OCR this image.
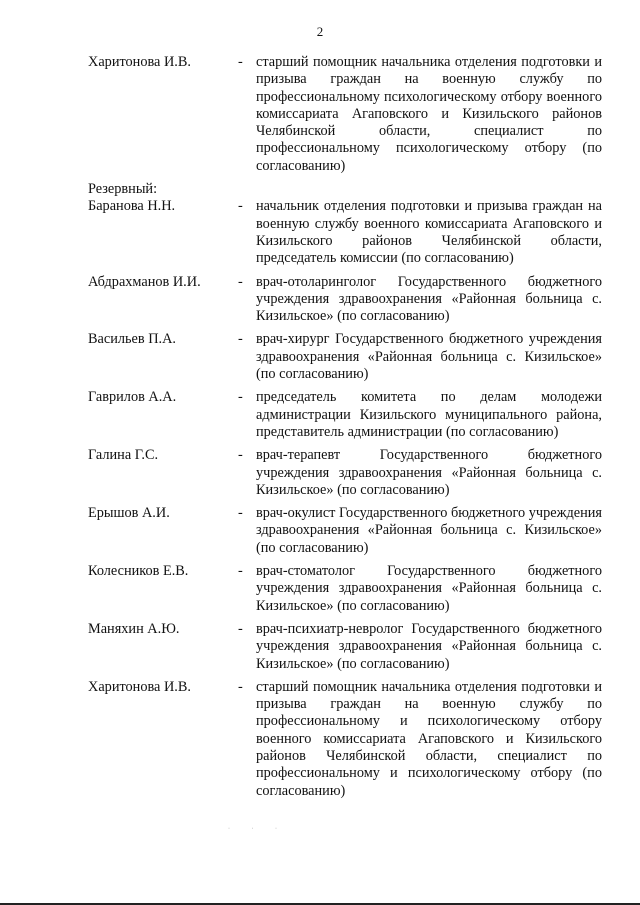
2
Харитонова И.В.	- старший помощник начальника отделения подготовки и призыва граждан на военную службу по профессиональному психологическому отбору военного комиссариата Агаповского и Кизильского районов Челябинской области, специалист по профессиональному психологическому отбору (по согласованию)
Резервный:
Баранова Н.Н.	- начальник отделения подготовки и призыва граждан на военную службу военного комиссариата Агаповского и Кизильского районов Челябинской области, председатель комиссии (по согласованию)
Абдрахманов И.И.	- врач-отоларинголог Государственного бюджетного учреждения здравоохранения «Районная больница с. Кизильское» (по согласованию)
Васильев П.А.	- врач-хирург Государственного бюджетного учреждения здравоохранения «Районная больница с. Кизильское» (по согласованию)
Гаврилов А.А.	- председатель комитета по делам молодежи администрации Кизильского муниципального района, представитель администрации (по согласованию)
Галина Г.С.	- врач-терапевт Государственного бюджетного учреждения здравоохранения «Районная больница с. Кизильское» (по согласованию)
Ерышов А.И.	- врач-окулист Государственного бюджетного учреждения здравоохранения «Районная больница с. Кизильское» (по согласованию)
Колесников Е.В.	- врач-стоматолог Государственного бюджетного учреждения здравоохранения «Районная больница с. Кизильское» (по согласованию)
Маняхин А.Ю.	- врач-психиатр-невролог Государственного бюджетного учреждения здравоохранения «Районная больница с. Кизильское» (по согласованию)
Харитонова И.В.	- старший помощник начальника отделения подготовки и призыва граждан на военную службу по профессиональному и психологическому отбору военного комиссариата Агаповского и Кизильского районов Челябинской области, специалист по профессиональному и психологическому отбору (по согласованию)
· · ·
